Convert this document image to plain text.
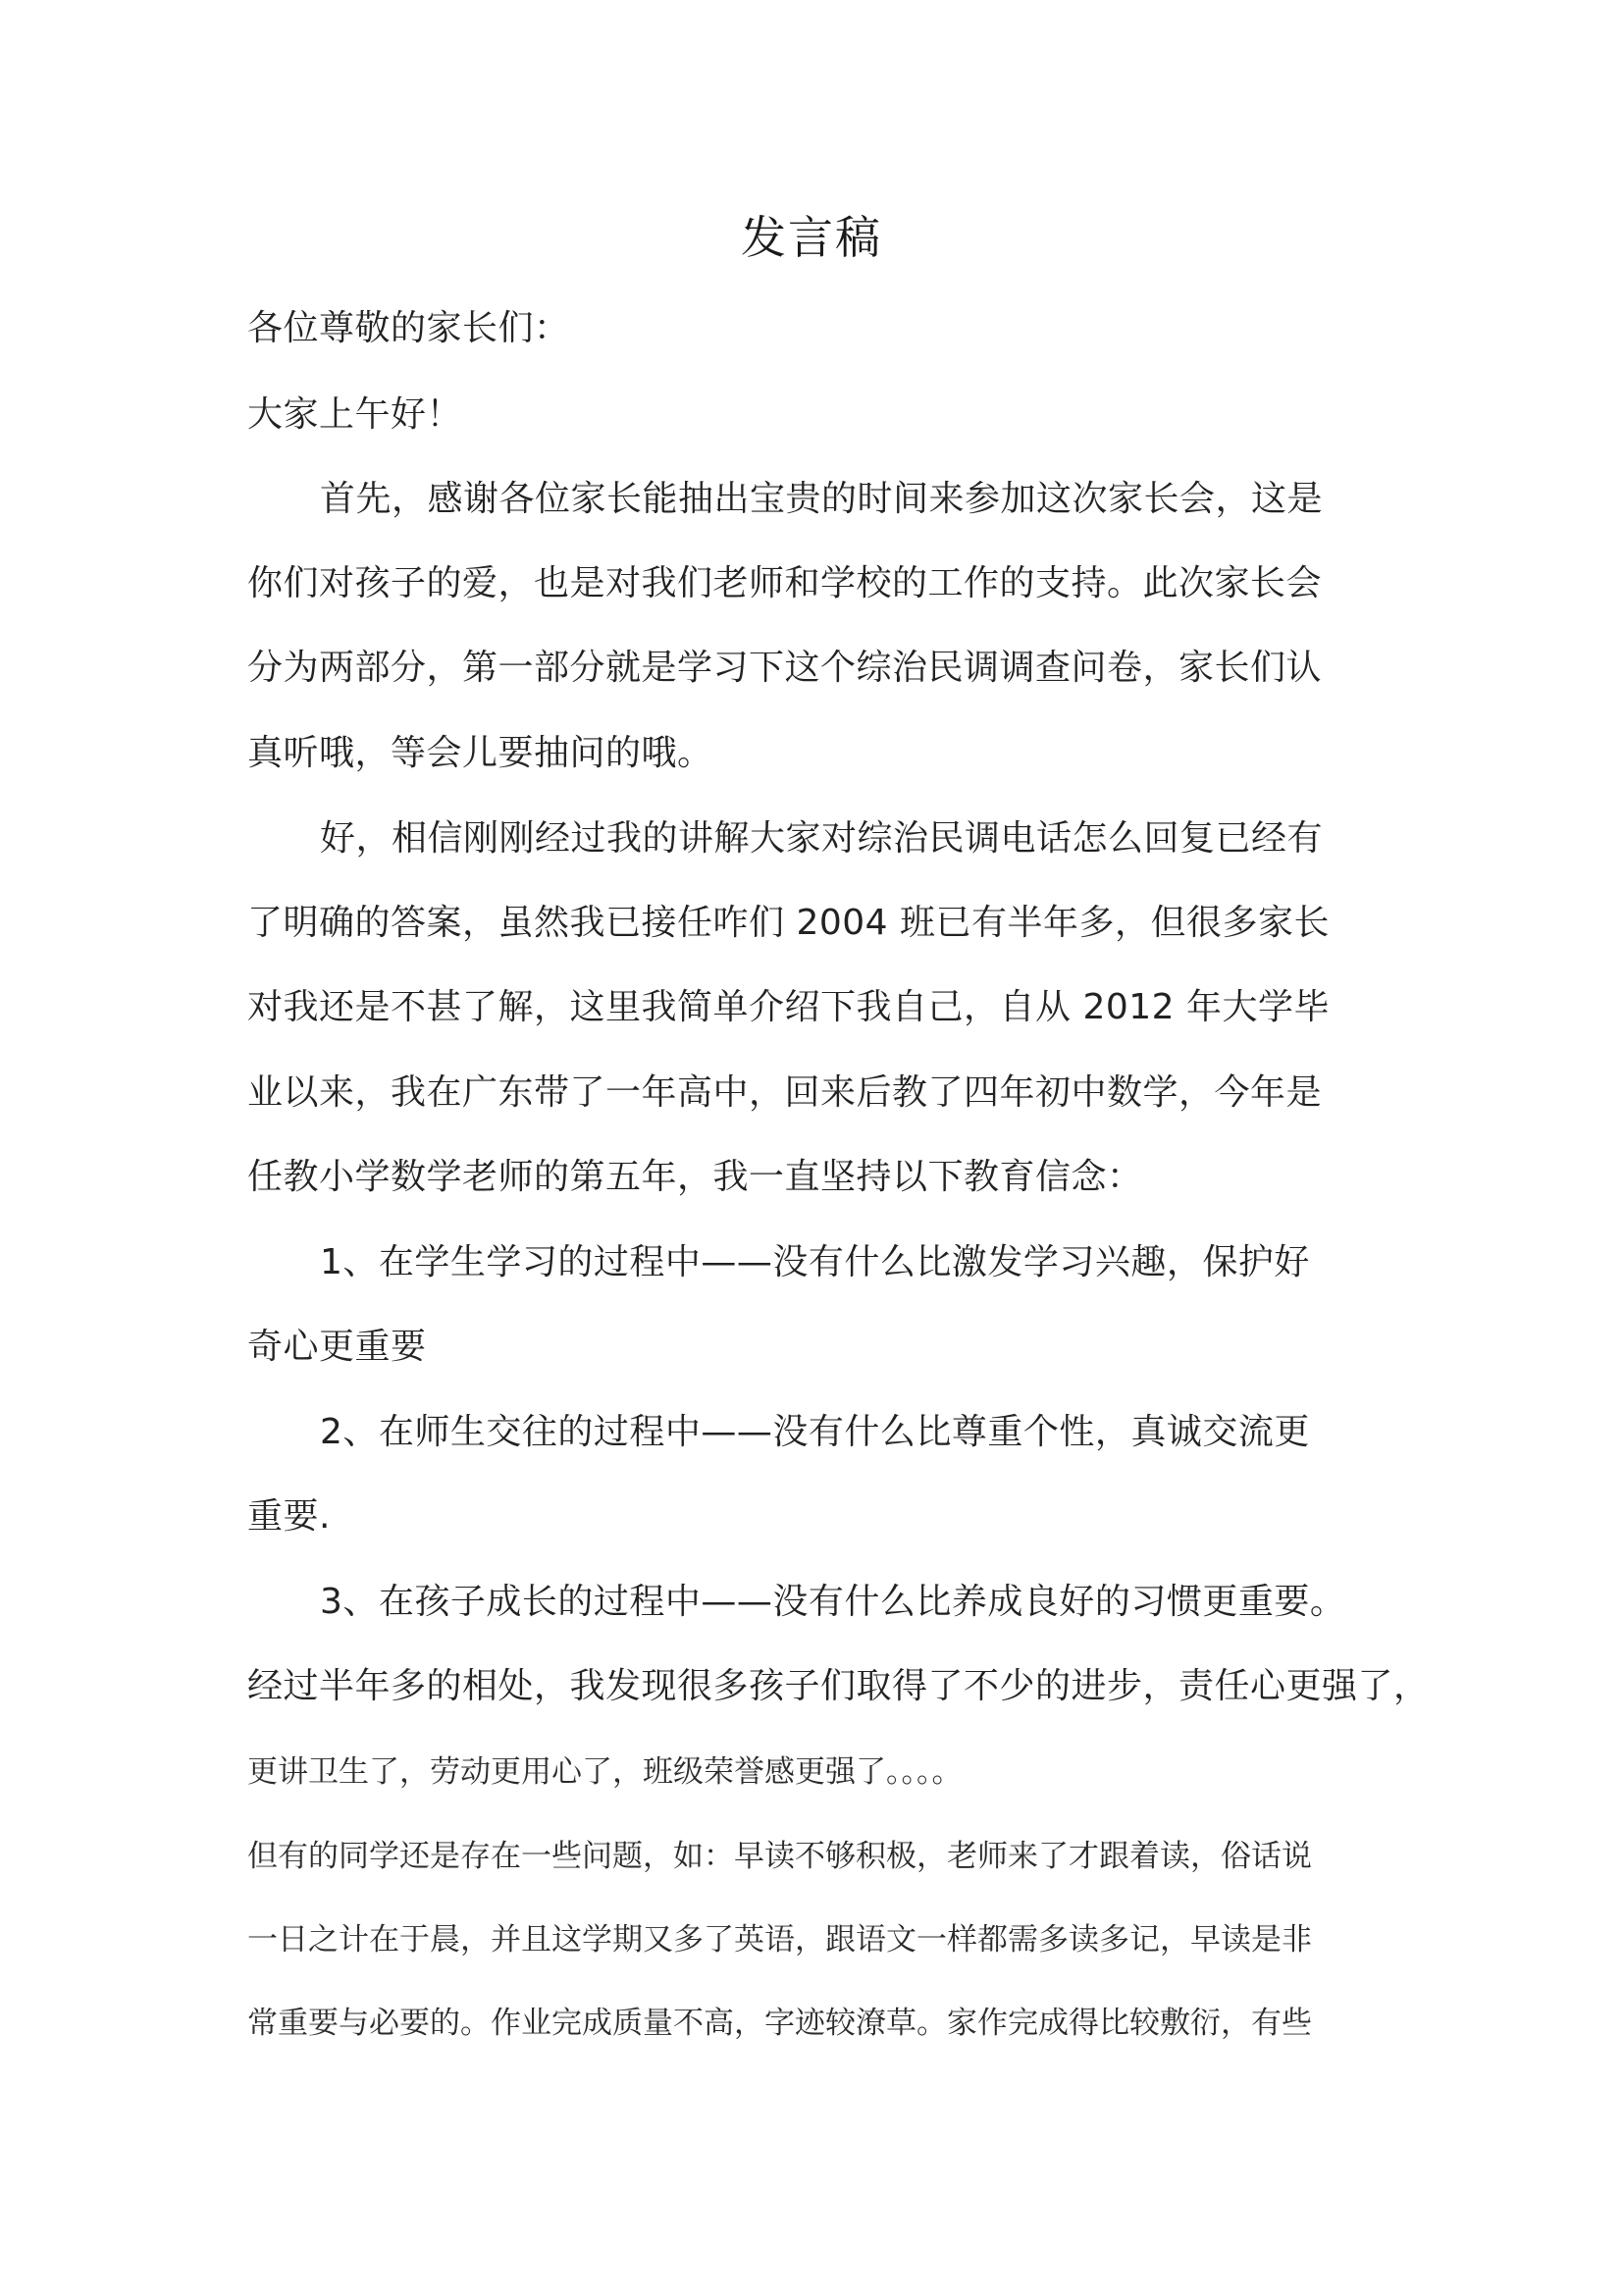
发言稿
各位尊敬的家长们：
大家上午好！
首先，感谢各位家长能抽出宝贵的时间来参加这次家长会，这是
你们对孩子的爱，也是对我们老师和学校的工作的支持。此次家长会
分为两部分，第一部分就是学习下这个综治民调调查问卷，家长们认
真听哦，等会儿要抽问的哦。
好，相信刚刚经过我的讲解大家对综治民调电话怎么回复已经有
了明确的答案，虽然我已接任咋们 2004 班已有半年多，但很多家长
对我还是不甚了解，这里我简单介绍下我自己，自从 2012 年大学毕
业以来，我在广东带了一年高中，回来后教了四年初中数学，今年是
任教小学数学老师的第五年，我一直坚持以下教育信念：
1、在学生学习的过程中——没有什么比激发学习兴趣，保护好
奇心更重要
2、在师生交往的过程中——没有什么比尊重个性，真诚交流更
重要.
3、在孩子成长的过程中——没有什么比养成良好的习惯更重要。
经过半年多的相处，我发现很多孩子们取得了不少的进步，责任心更强了，
更讲卫生了，劳动更用心了，班级荣誉感更强了。。。。
但有的同学还是存在一些问题，如：早读不够积极，老师来了才跟着读，俗话说
一日之计在于晨，并且这学期又多了英语，跟语文一样都需多读多记，早读是非
常重要与必要的。作业完成质量不高，字迹较潦草。家作完成得比较敷衍，有些
